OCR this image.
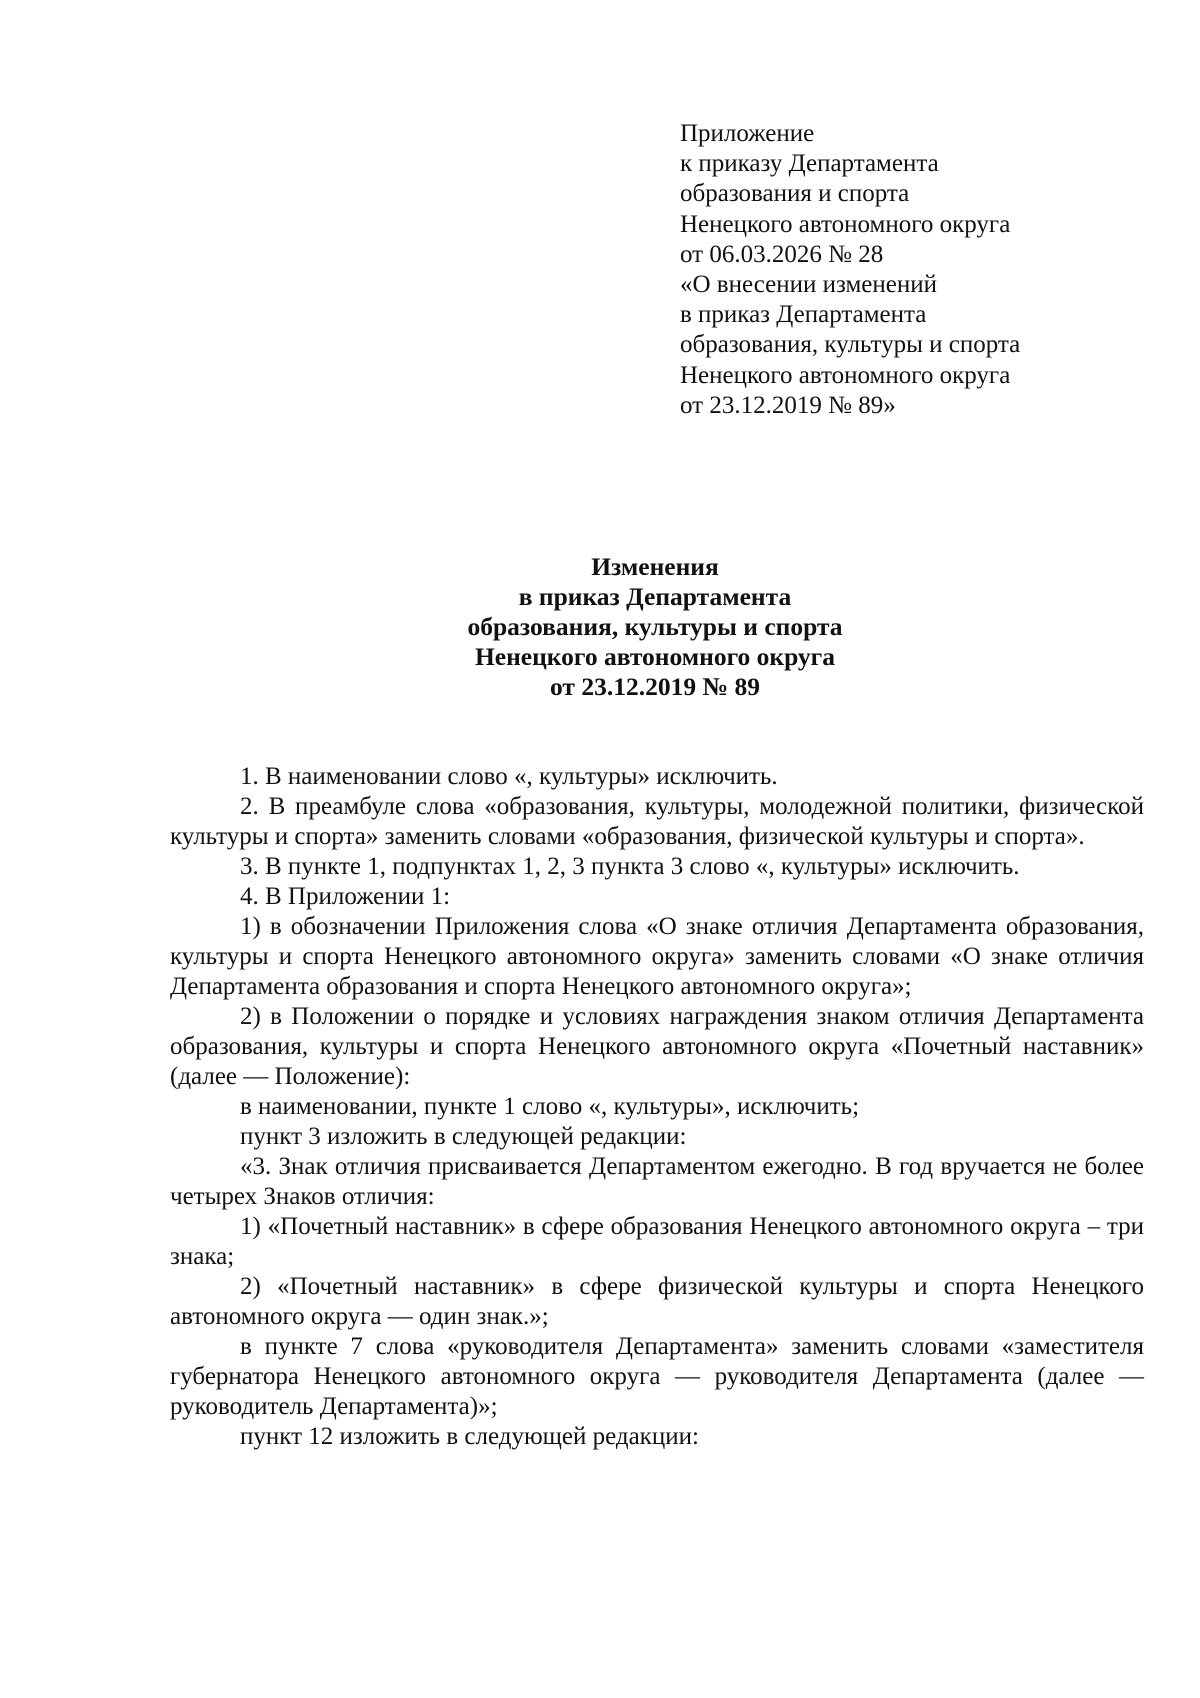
Приложение
к приказу Департамента
образования и спорта
Ненецкого автономного округа
от 06.03.2026 № 28
«О внесении изменений
в приказ Департамента
образования, культуры и спорта
Ненецкого автономного округа
от 23.12.2019 № 89»
Изменения
в приказ Департамента
образования, культуры и спорта
Ненецкого автономного округа
от 23.12.2019 № 89

1. В наименовании слово «, культуры» исключить.

2. В преамбуле слова «образования, культуры, молодежной политики, физической культуры и спорта» заменить словами «образования, физической культуры и спорта».

3. В пункте 1, подпунктах 1, 2, 3 пункта 3 слово «, культуры» исключить.

4. В Приложении 1:

1) в обозначении Приложения слова «О знаке отличия Департамента образования, культуры и спорта Ненецкого автономного округа» заменить словами «О знаке отличия Департамента образования и спорта Ненецкого автономного округа»;

2) в Положении о порядке и условиях награждения знаком отличия Департамента образования, культуры и спорта Ненецкого автономного округа «Почетный наставник» (далее — Положение):

в наименовании, пункте 1 слово «, культуры», исключить;

пункт 3 изложить в следующей редакции:

«3. Знак отличия присваивается Департаментом ежегодно. В год вручается не более четырех Знаков отличия:

1) «Почетный наставник» в сфере образования Ненецкого автономного округа – три знака;

2) «Почетный наставник» в сфере физической культуры и спорта Ненецкого автономного округа — один знак.»;

в пункте 7 слова «руководителя Департамента» заменить словами «заместителя губернатора Ненецкого автономного округа — руководителя Департамента (далее — руководитель Департамента)»;

пункт 12 изложить в следующей редакции:
